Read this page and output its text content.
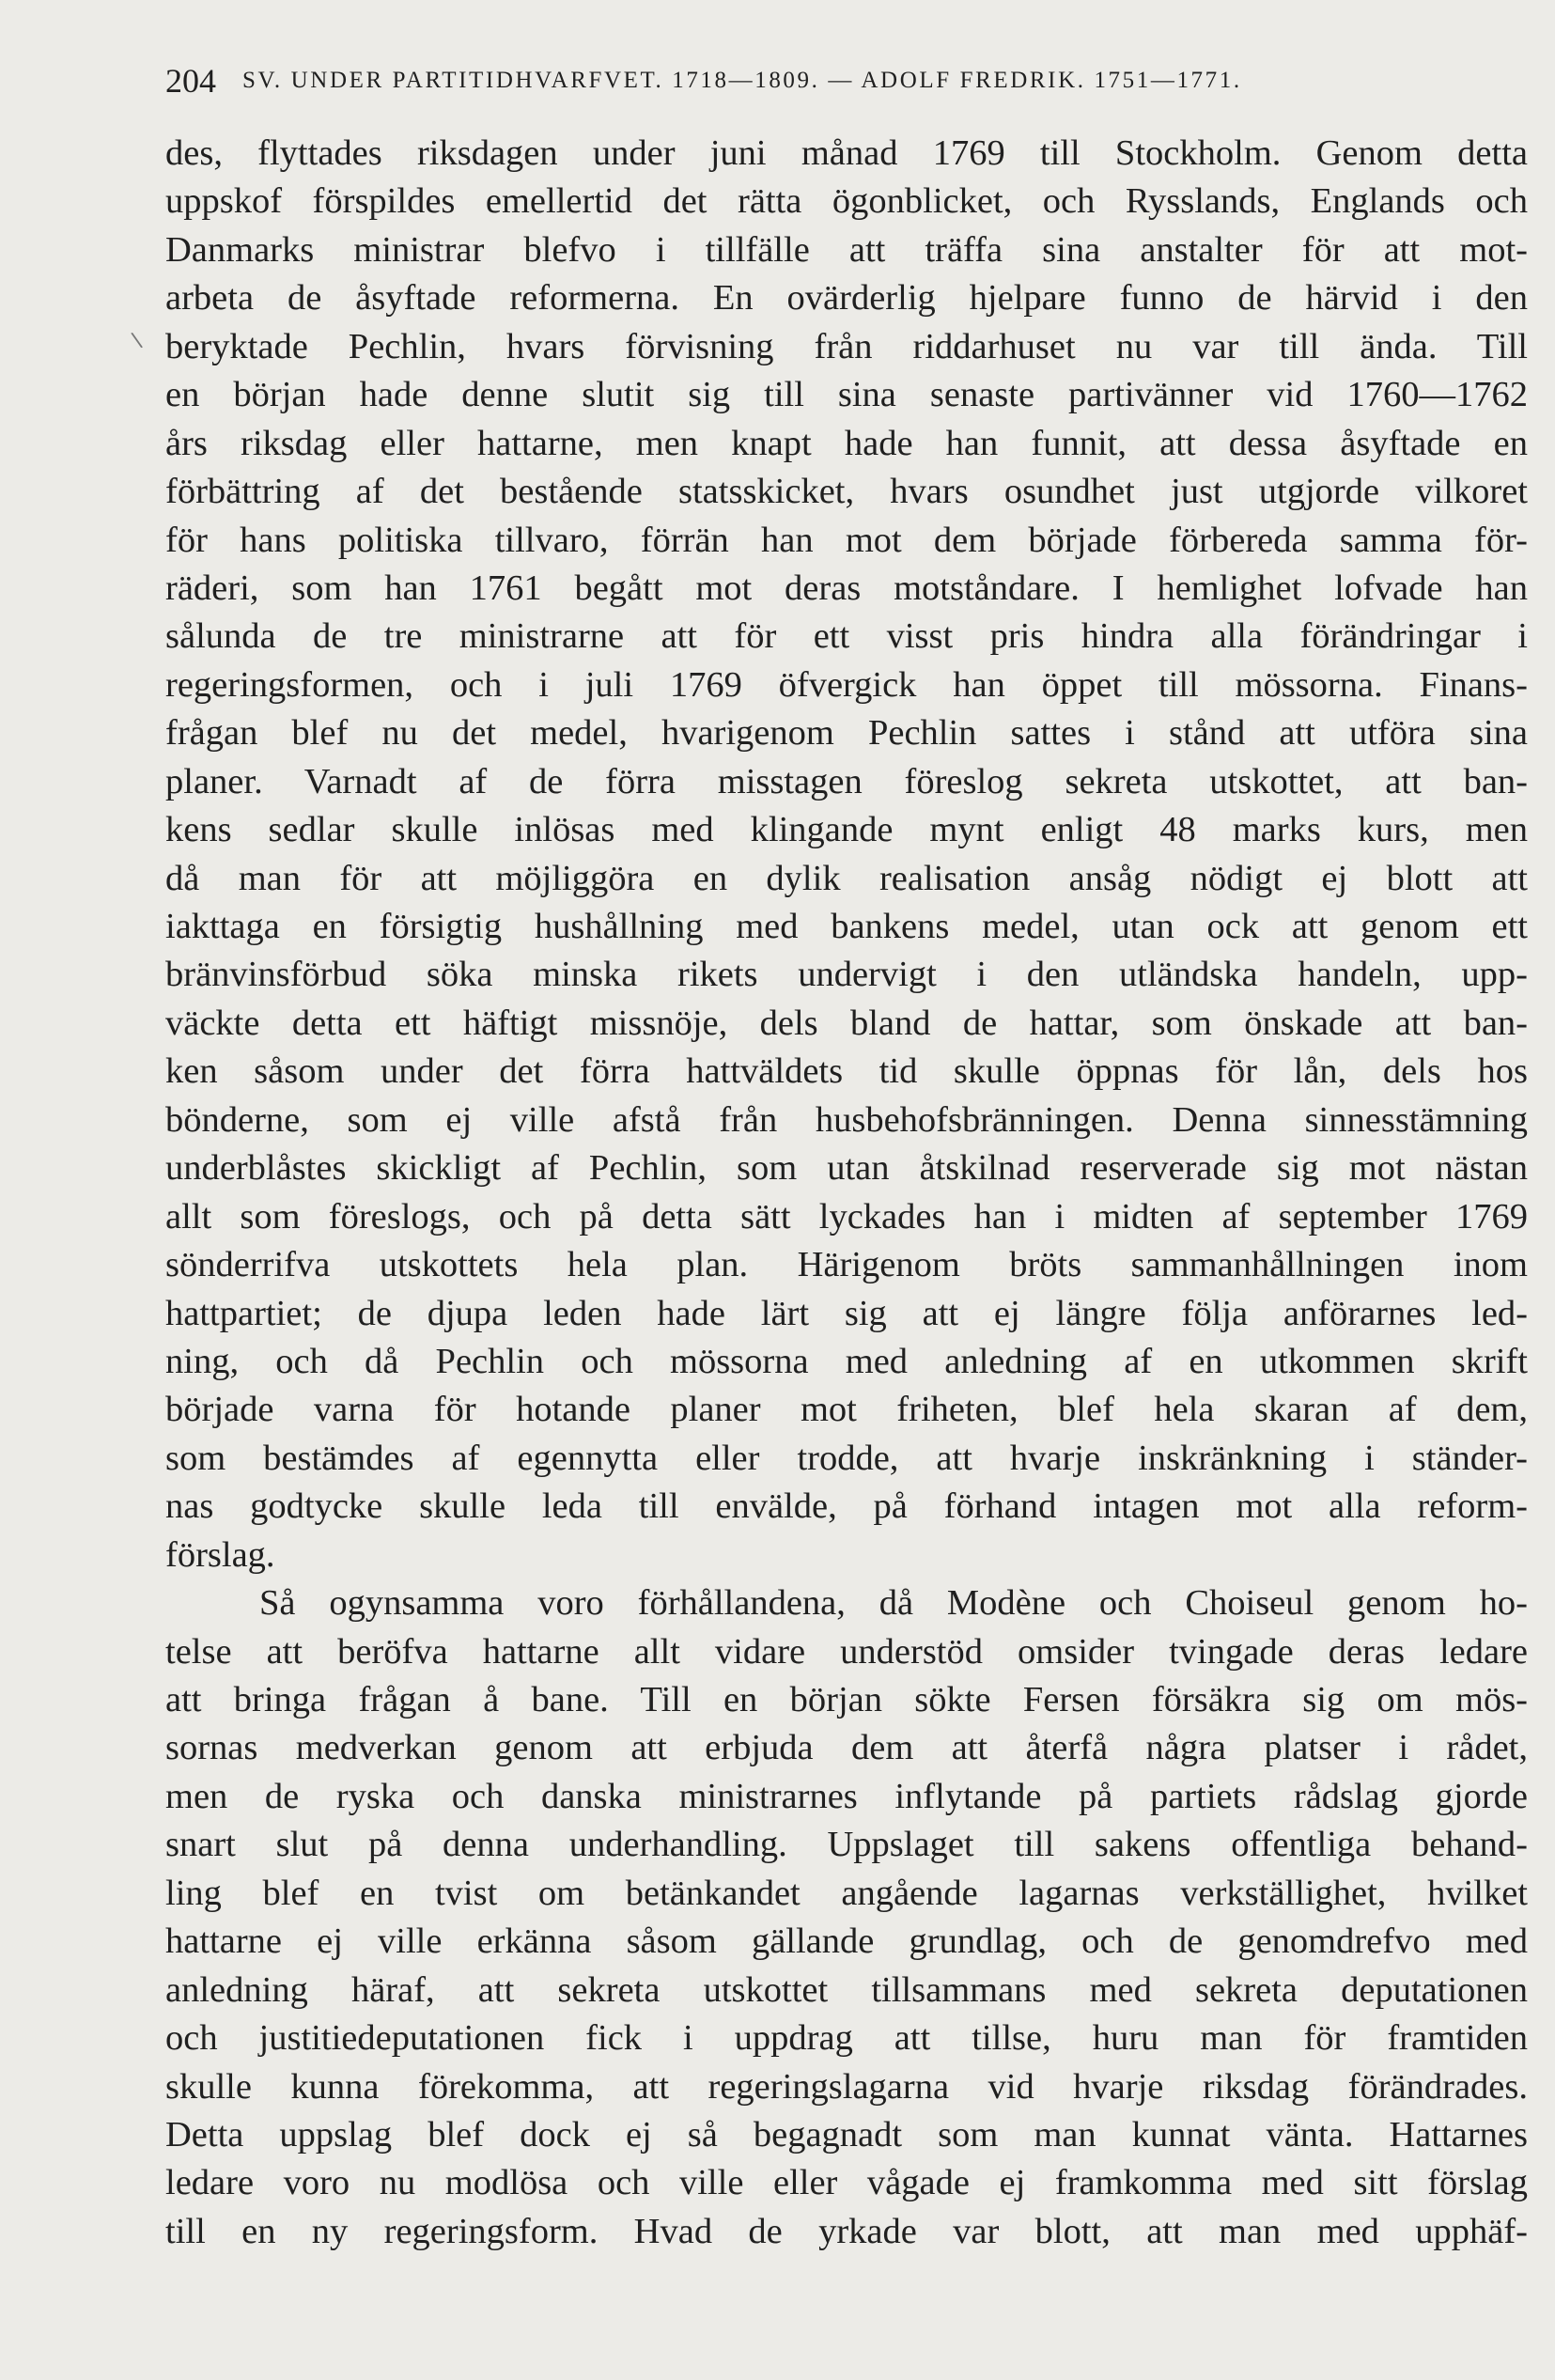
204 SV. UNDER PARTITIDHVARFVET. 1718—1809. — ADOLF FREDRIK. 1751—1771.
\
des, flyttades riksdagen under juni månad 1769 till Stockholm. Genom detta
uppskof förspildes emellertid det rätta ögonblicket, och Rysslands, Englands och
Danmarks ministrar blefvo i tillfälle att träffa sina anstalter för att mot-
arbeta de åsyftade reformerna. En ovärderlig hjelpare funno de härvid i den
beryktade Pechlin, hvars förvisning från riddarhuset nu var till ända. Till
en början hade denne slutit sig till sina senaste partivänner vid 1760—1762
års riksdag eller hattarne, men knapt hade han funnit, att dessa åsyftade en
förbättring af det bestående statsskicket, hvars osundhet just utgjorde vilkoret
för hans politiska tillvaro, förrän han mot dem började förbereda samma för-
räderi, som han 1761 begått mot deras motståndare. I hemlighet lofvade han
sålunda de tre ministrarne att för ett visst pris hindra alla förändringar i
regeringsformen, och i juli 1769 öfvergick han öppet till mössorna. Finans-
frågan blef nu det medel, hvarigenom Pechlin sattes i stånd att utföra sina
planer. Varnadt af de förra misstagen föreslog sekreta utskottet, att ban-
kens sedlar skulle inlösas med klingande mynt enligt 48 marks kurs, men
då man för att möjliggöra en dylik realisation ansåg nödigt ej blott att
iakttaga en försigtig hushållning med bankens medel, utan ock att genom ett
bränvinsförbud söka minska rikets undervigt i den utländska handeln, upp-
väckte detta ett häftigt missnöje, dels bland de hattar, som önskade att ban-
ken såsom under det förra hattväldets tid skulle öppnas för lån, dels hos
bönderne, som ej ville afstå från husbehofsbränningen. Denna sinnesstämning
underblåstes skickligt af Pechlin, som utan åtskilnad reserverade sig mot nästan
allt som föreslogs, och på detta sätt lyckades han i midten af september 1769
sönderrifva utskottets hela plan. Härigenom bröts sammanhållningen inom
hattpartiet; de djupa leden hade lärt sig att ej längre följa anförarnes led-
ning, och då Pechlin och mössorna med anledning af en utkommen skrift
började varna för hotande planer mot friheten, blef hela skaran af dem,
som bestämdes af egennytta eller trodde, att hvarje inskränkning i ständer-
nas godtycke skulle leda till envälde, på förhand intagen mot alla reform-
förslag.
Så ogynsamma voro förhållandena, då Modène och Choiseul genom ho-
telse att beröfva hattarne allt vidare understöd omsider tvingade deras ledare
att bringa frågan å bane. Till en början sökte Fersen försäkra sig om mös-
sornas medverkan genom att erbjuda dem att återfå några platser i rådet,
men de ryska och danska ministrarnes inflytande på partiets rådslag gjorde
snart slut på denna underhandling. Uppslaget till sakens offentliga behand-
ling blef en tvist om betänkandet angående lagarnas verkställighet, hvilket
hattarne ej ville erkänna såsom gällande grundlag, och de genomdrefvo med
anledning häraf, att sekreta utskottet tillsammans med sekreta deputationen
och justitiedeputationen fick i uppdrag att tillse, huru man för framtiden
skulle kunna förekomma, att regeringslagarna vid hvarje riksdag förändrades.
Detta uppslag blef dock ej så begagnadt som man kunnat vänta. Hattarnes
ledare voro nu modlösa och ville eller vågade ej framkomma med sitt förslag
till en ny regeringsform. Hvad de yrkade var blott, att man med upphäf-
